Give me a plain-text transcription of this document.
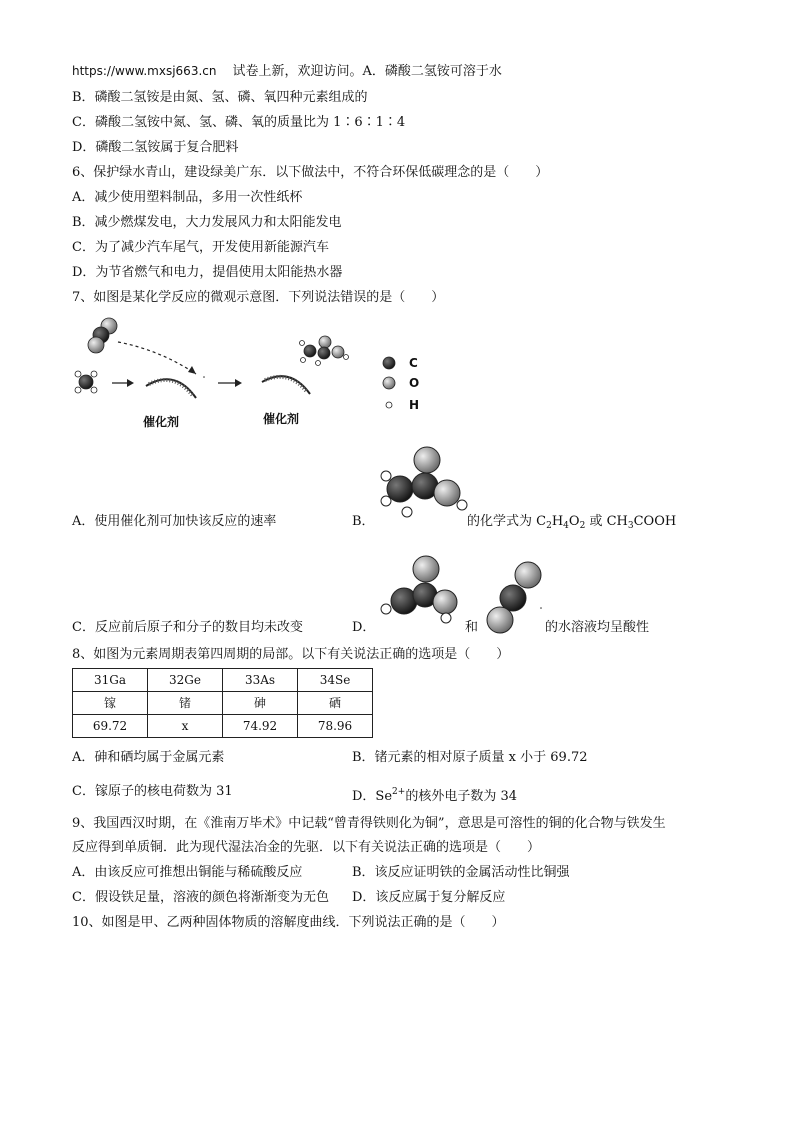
https://www.mxsj663.cn 试卷上新，欢迎访问。A．磷酸二氢铵可溶于水
B．磷酸二氢铵是由氮、氢、磷、氧四种元素组成的
C．磷酸二氢铵中氮、氢、磷、氧的质量比为 1∶6∶1∶4
D．磷酸二氢铵属于复合肥料
6、保护绿水青山，建设绿美广东．以下做法中，不符合环保低碳理念的是（　　）
A．减少使用塑料制品，多用一次性纸杯
B．减少燃煤发电，大力发展风力和太阳能发电
C．为了减少汽车尾气，开发使用新能源汽车
D．为节省燃气和电力，提倡使用太阳能热水器
7、如图是某化学反应的微观示意图．下列说法错误的是（　　）
催化剂	催化剂
C
O
H
A．使用催化剂可加快该反应的速率	B．	的化学式为 $C_2H_4O_2$ 或 $CH_3COOH$
C．反应前后原子和分子的数目均未改变	D．	和	的水溶液均呈酸性
8、如图为元素周期表第四周期的局部。以下有关说法正确的选项是（　　）
31Ga	32Ge	33As	34Se
镓	锗	砷	硒
69.72	x	74.92	78.96
A．砷和硒均属于金属元素	B．锗元素的相对原子质量 x 小于 69.72
C．镓原子的核电荷数为 31	D．$Se^{2+}$的核外电子数为 34
9、我国西汉时期，在《淮南万毕术》中记载“曾青得铁则化为铜”，意思是可溶性的铜的化合物与铁发生
反应得到单质铜．此为现代湿法冶金的先驱．以下有关说法正确的选项是（　　）
A．由该反应可推想出铜能与稀硫酸反应	B．该反应证明铁的金属活动性比铜强
C．假设铁足量，溶液的颜色将渐渐变为无色 D．该反应属于复分解反应
10、如图是甲、乙两种固体物质的溶解度曲线．下列说法正确的是（　　）
